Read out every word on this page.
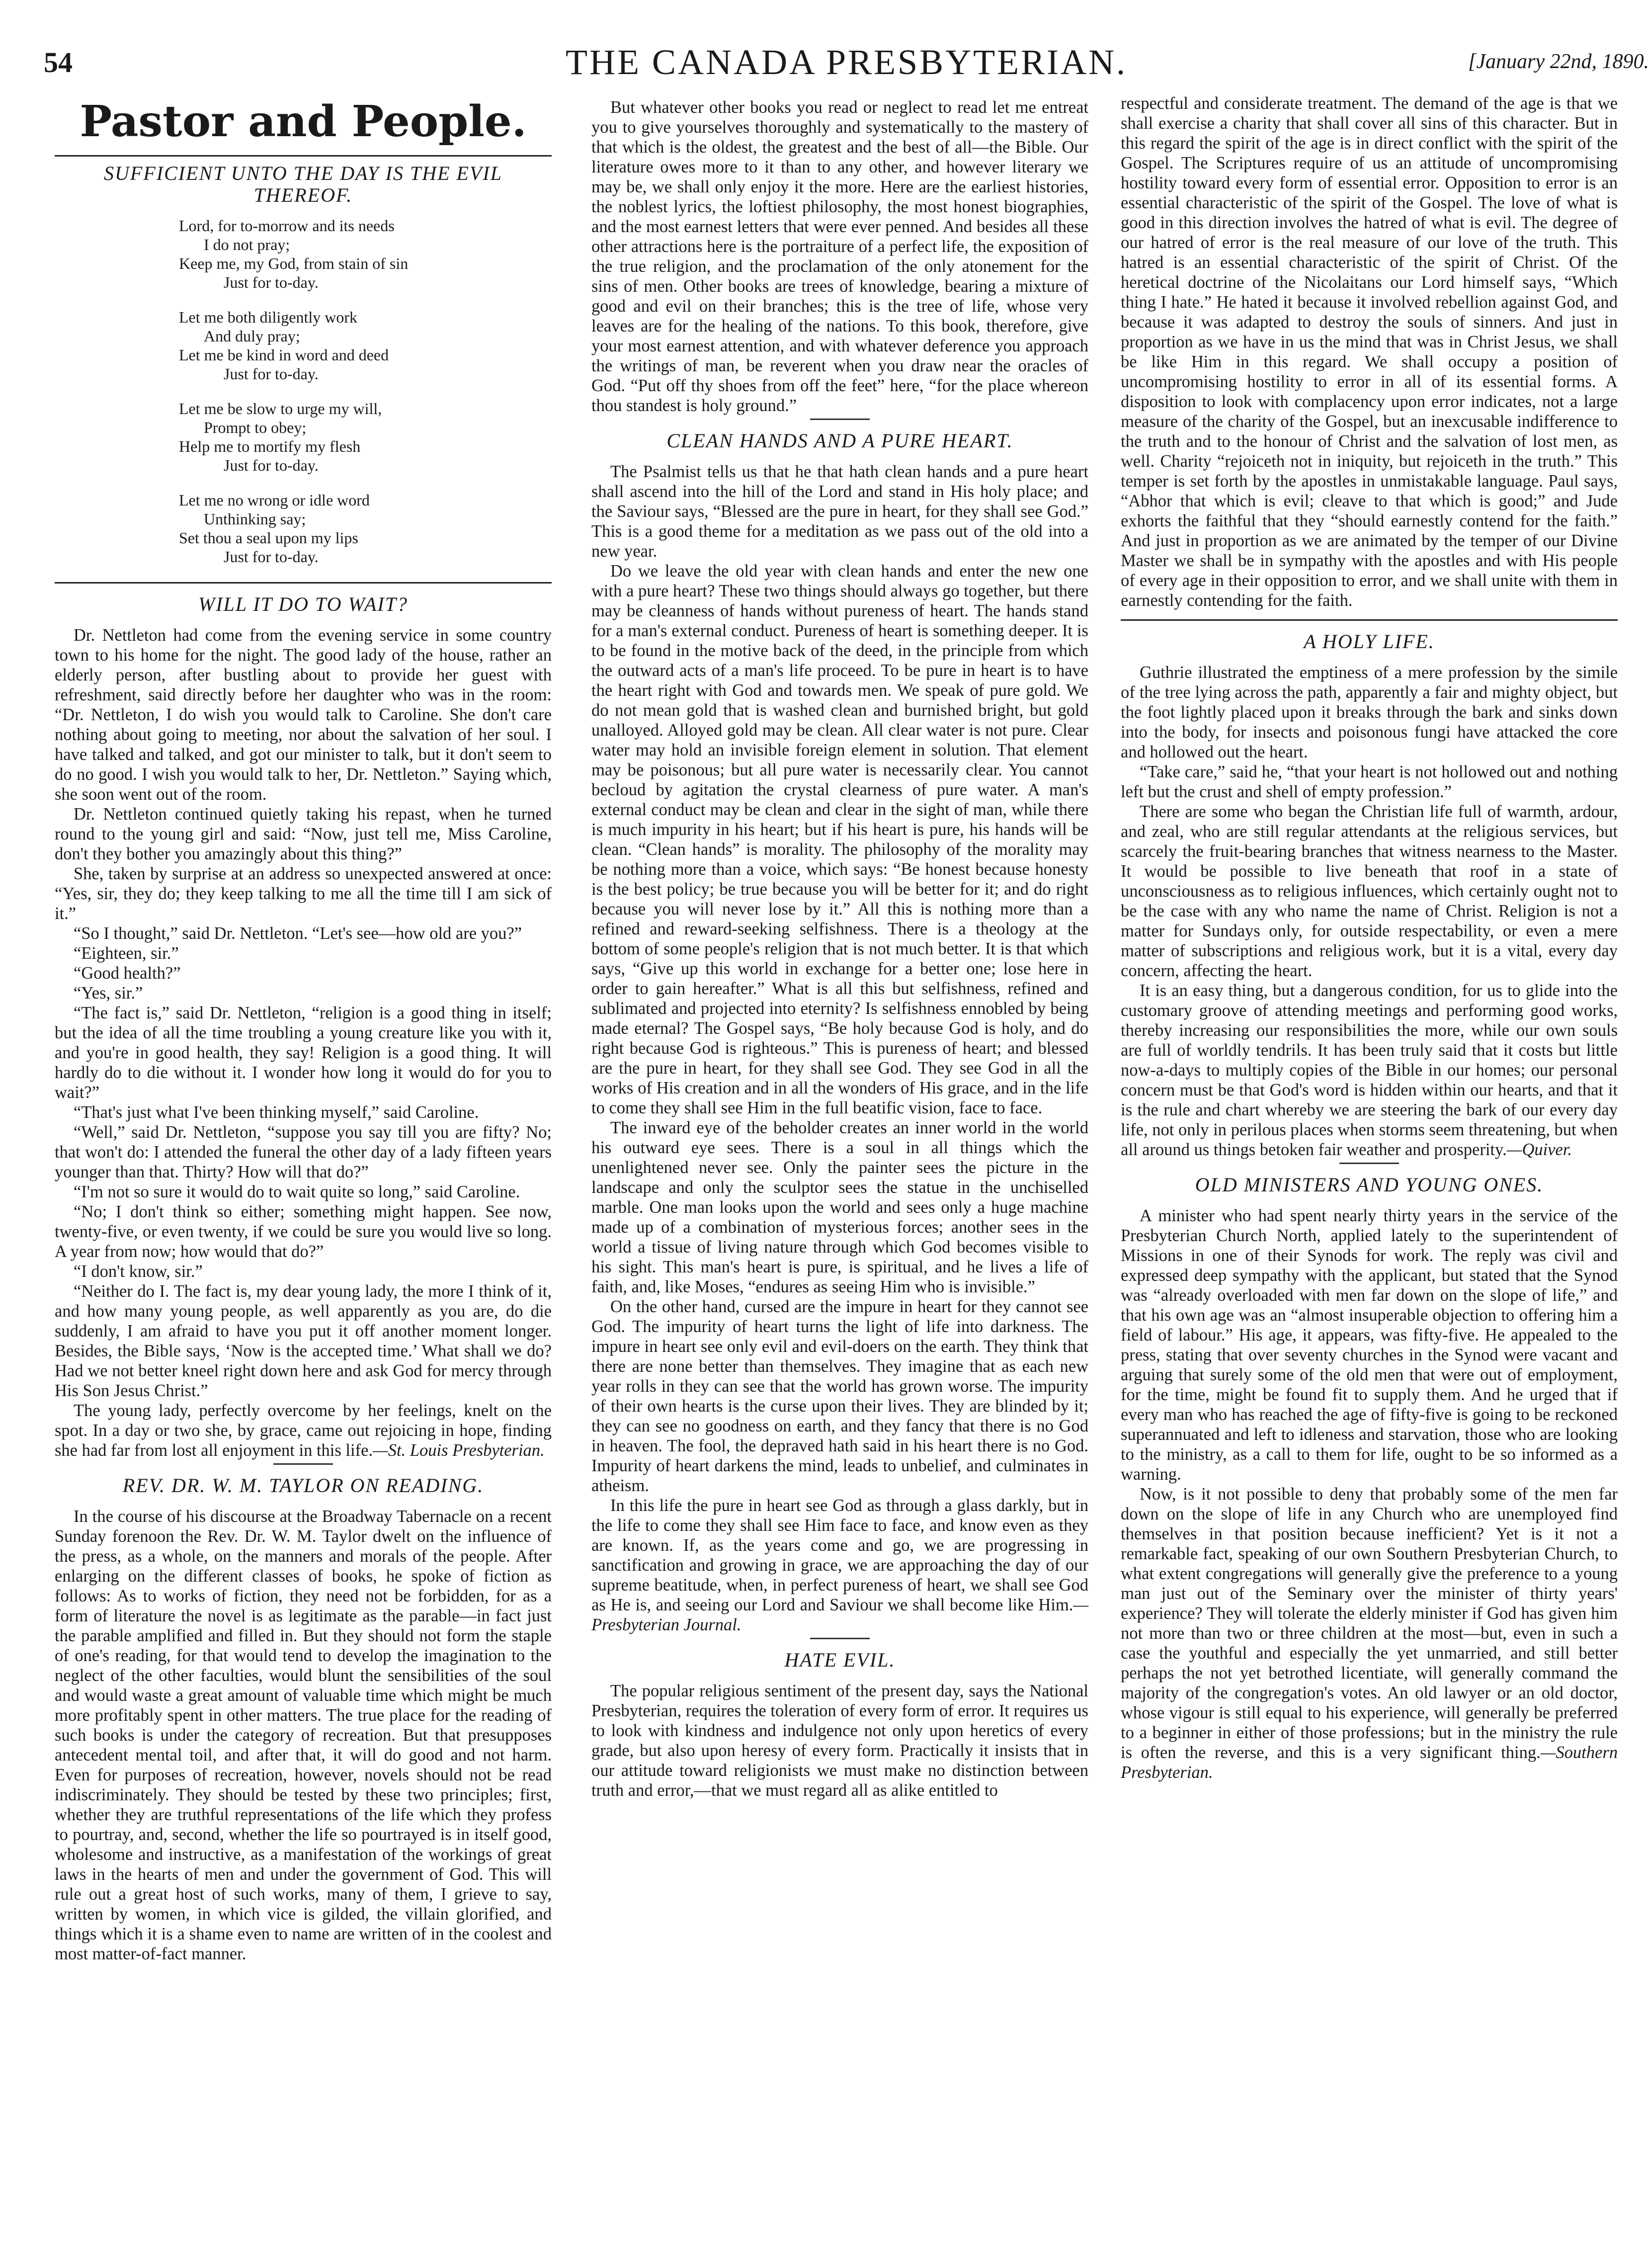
54	THE CANADA PRESBYTERIAN.	[January 22nd, 1890.
Pastor and People.
SUFFICIENT UNTO THE DAY IS THE EVIL THEREOF.
Lord, for to-morrow and its needs
I do not pray;
Keep me, my God, from stain of sin
Just for to-day.
Let me both diligently work
And duly pray;
Let me be kind in word and deed
Just for to-day.
Let me be slow to urge my will,
Prompt to obey;
Help me to mortify my flesh
Just for to-day.
Let me no wrong or idle word
Unthinking say;
Set thou a seal upon my lips
Just for to-day.
WILL IT DO TO WAIT?

Dr. Nettleton had come from the evening service in some country town to his home for the night. The good lady of the house, rather an elderly person, after bustling about to provide her guest with refreshment, said directly before her daughter who was in the room: “Dr. Nettleton, I do wish you would talk to Caroline. She don't care nothing about going to meeting, nor about the salvation of her soul. I have talked and talked, and got our minister to talk, but it don't seem to do no good. I wish you would talk to her, Dr. Nettleton.” Saying which, she soon went out of the room.

Dr. Nettleton continued quietly taking his repast, when he turned round to the young girl and said: “Now, just tell me, Miss Caroline, don't they bother you amazingly about this thing?”

She, taken by surprise at an address so unexpected answered at once: “Yes, sir, they do; they keep talking to me all the time till I am sick of it.”

“So I thought,” said Dr. Nettleton. “Let's see—how old are you?”

“Eighteen, sir.”

“Good health?”

“Yes, sir.”

“The fact is,” said Dr. Nettleton, “religion is a good thing in itself; but the idea of all the time troubling a young creature like you with it, and you're in good health, they say! Religion is a good thing. It will hardly do to die without it. I wonder how long it would do for you to wait?”

“That's just what I've been thinking myself,” said Caroline.

“Well,” said Dr. Nettleton, “suppose you say till you are fifty? No; that won't do: I attended the funeral the other day of a lady fifteen years younger than that. Thirty? How will that do?”

“I'm not so sure it would do to wait quite so long,” said Caroline.

“No; I don't think so either; something might happen. See now, twenty-five, or even twenty, if we could be sure you would live so long. A year from now; how would that do?”

“I don't know, sir.”

“Neither do I. The fact is, my dear young lady, the more I think of it, and how many young people, as well apparently as you are, do die suddenly, I am afraid to have you put it off another moment longer. Besides, the Bible says, ‘Now is the accepted time.’ What shall we do? Had we not better kneel right down here and ask God for mercy through His Son Jesus Christ.”

The young lady, perfectly overcome by her feelings, knelt on the spot. In a day or two she, by grace, came out rejoicing in hope, finding she had far from lost all enjoyment in this life.—St. Louis Presbyterian.

REV. DR. W. M. TAYLOR ON READING.

In the course of his discourse at the Broadway Tabernacle on a recent Sunday forenoon the Rev. Dr. W. M. Taylor dwelt on the influence of the press, as a whole, on the manners and morals of the people. After enlarging on the different classes of books, he spoke of fiction as follows: As to works of fiction, they need not be forbidden, for as a form of literature the novel is as legitimate as the parable—in fact just the parable amplified and filled in. But they should not form the staple of one's reading, for that would tend to develop the imagination to the neglect of the other faculties, would blunt the sensibilities of the soul and would waste a great amount of valuable time which might be much more profitably spent in other matters. The true place for the reading of such books is under the category of recreation. But that presupposes antecedent mental toil, and after that, it will do good and not harm. Even for purposes of recreation, however, novels should not be read indiscriminately. They should be tested by these two principles; first, whether they are truthful representations of the life which they profess to pourtray, and, second, whether the life so pourtrayed is in itself good, wholesome and instructive, as a manifestation of the workings of great laws in the hearts of men and under the government of God. This will rule out a great host of such works, many of them, I grieve to say, written by women, in which vice is gilded, the villain glorified, and things which it is a shame even to name are written of in the coolest and most matter-of-fact manner.

But whatever other books you read or neglect to read let me entreat you to give yourselves thoroughly and systematically to the mastery of that which is the oldest, the greatest and the best of all—the Bible. Our literature owes more to it than to any other, and however literary we may be, we shall only enjoy it the more. Here are the earliest histories, the noblest lyrics, the loftiest philosophy, the most honest biographies, and the most earnest letters that were ever penned. And besides all these other attractions here is the portraiture of a perfect life, the exposition of the true religion, and the proclamation of the only atonement for the sins of men. Other books are trees of knowledge, bearing a mixture of good and evil on their branches; this is the tree of life, whose very leaves are for the healing of the nations. To this book, therefore, give your most earnest attention, and with whatever deference you approach the writings of man, be reverent when you draw near the oracles of God. “Put off thy shoes from off the feet” here, “for the place whereon thou standest is holy ground.”

CLEAN HANDS AND A PURE HEART.

The Psalmist tells us that he that hath clean hands and a pure heart shall ascend into the hill of the Lord and stand in His holy place; and the Saviour says, “Blessed are the pure in heart, for they shall see God.” This is a good theme for a meditation as we pass out of the old into a new year.

Do we leave the old year with clean hands and enter the new one with a pure heart? These two things should always go together, but there may be cleanness of hands without pureness of heart. The hands stand for a man's external conduct. Pureness of heart is something deeper. It is to be found in the motive back of the deed, in the principle from which the outward acts of a man's life proceed. To be pure in heart is to have the heart right with God and towards men. We speak of pure gold. We do not mean gold that is washed clean and burnished bright, but gold unalloyed. Alloyed gold may be clean. All clear water is not pure. Clear water may hold an invisible foreign element in solution. That element may be poisonous; but all pure water is necessarily clear. You cannot becloud by agitation the crystal clearness of pure water. A man's external conduct may be clean and clear in the sight of man, while there is much impurity in his heart; but if his heart is pure, his hands will be clean. “Clean hands” is morality. The philosophy of the morality may be nothing more than a voice, which says: “Be honest because honesty is the best policy; be true because you will be better for it; and do right because you will never lose by it.” All this is nothing more than a refined and reward-seeking selfishness. There is a theology at the bottom of some people's religion that is not much better. It is that which says, “Give up this world in exchange for a better one; lose here in order to gain hereafter.” What is all this but selfishness, refined and sublimated and projected into eternity? Is selfishness ennobled by being made eternal? The Gospel says, “Be holy because God is holy, and do right because God is righteous.” This is pureness of heart; and blessed are the pure in heart, for they shall see God. They see God in all the works of His creation and in all the wonders of His grace, and in the life to come they shall see Him in the full beatific vision, face to face.

The inward eye of the beholder creates an inner world in the world his outward eye sees. There is a soul in all things which the unenlightened never see. Only the painter sees the picture in the landscape and only the sculptor sees the statue in the unchiselled marble. One man looks upon the world and sees only a huge machine made up of a combination of mysterious forces; another sees in the world a tissue of living nature through which God becomes visible to his sight. This man's heart is pure, is spiritual, and he lives a life of faith, and, like Moses, “endures as seeing Him who is invisible.”

On the other hand, cursed are the impure in heart for they cannot see God. The impurity of heart turns the light of life into darkness. The impure in heart see only evil and evil-doers on the earth. They think that there are none better than themselves. They imagine that as each new year rolls in they can see that the world has grown worse. The impurity of their own hearts is the curse upon their lives. They are blinded by it; they can see no goodness on earth, and they fancy that there is no God in heaven. The fool, the depraved hath said in his heart there is no God. Impurity of heart darkens the mind, leads to unbelief, and culminates in atheism.

In this life the pure in heart see God as through a glass darkly, but in the life to come they shall see Him face to face, and know even as they are known. If, as the years come and go, we are progressing in sanctification and growing in grace, we are approaching the day of our supreme beatitude, when, in perfect pureness of heart, we shall see God as He is, and seeing our Lord and Saviour we shall become like Him.—Presbyterian Journal.

HATE EVIL.

The popular religious sentiment of the present day, says the National Presbyterian, requires the toleration of every form of error. It requires us to look with kindness and indulgence not only upon heretics of every grade, but also upon heresy of every form. Practically it insists that in our attitude toward religionists we must make no distinction between truth and error,—that we must regard all as alike entitled to

respectful and considerate treatment. The demand of the age is that we shall exercise a charity that shall cover all sins of this character. But in this regard the spirit of the age is in direct conflict with the spirit of the Gospel. The Scriptures require of us an attitude of uncompromising hostility toward every form of essential error. Opposition to error is an essential characteristic of the spirit of the Gospel. The love of what is good in this direction involves the hatred of what is evil. The degree of our hatred of error is the real measure of our love of the truth. This hatred is an essential characteristic of the spirit of Christ. Of the heretical doctrine of the Nicolaitans our Lord himself says, “Which thing I hate.” He hated it because it involved rebellion against God, and because it was adapted to destroy the souls of sinners. And just in proportion as we have in us the mind that was in Christ Jesus, we shall be like Him in this regard. We shall occupy a position of uncompromising hostility to error in all of its essential forms. A disposition to look with complacency upon error indicates, not a large measure of the charity of the Gospel, but an inexcusable indifference to the truth and to the honour of Christ and the salvation of lost men, as well. Charity “rejoiceth not in iniquity, but rejoiceth in the truth.” This temper is set forth by the apostles in unmistakable language. Paul says, “Abhor that which is evil; cleave to that which is good;” and Jude exhorts the faithful that they “should earnestly contend for the faith.” And just in proportion as we are animated by the temper of our Divine Master we shall be in sympathy with the apostles and with His people of every age in their opposition to error, and we shall unite with them in earnestly contending for the faith.

A HOLY LIFE.

Guthrie illustrated the emptiness of a mere profession by the simile of the tree lying across the path, apparently a fair and mighty object, but the foot lightly placed upon it breaks through the bark and sinks down into the body, for insects and poisonous fungi have attacked the core and hollowed out the heart.

“Take care,” said he, “that your heart is not hollowed out and nothing left but the crust and shell of empty profession.”

There are some who began the Christian life full of warmth, ardour, and zeal, who are still regular attendants at the religious services, but scarcely the fruit-bearing branches that witness nearness to the Master. It would be possible to live beneath that roof in a state of unconsciousness as to religious influences, which certainly ought not to be the case with any who name the name of Christ. Religion is not a matter for Sundays only, for outside respectability, or even a mere matter of subscriptions and religious work, but it is a vital, every day concern, affecting the heart.

It is an easy thing, but a dangerous condition, for us to glide into the customary groove of attending meetings and performing good works, thereby increasing our responsibilities the more, while our own souls are full of worldly tendrils. It has been truly said that it costs but little now-a-days to multiply copies of the Bible in our homes; our personal concern must be that God's word is hidden within our hearts, and that it is the rule and chart whereby we are steering the bark of our every day life, not only in perilous places when storms seem threatening, but when all around us things betoken fair weather and prosperity.—Quiver.

OLD MINISTERS AND YOUNG ONES.

A minister who had spent nearly thirty years in the service of the Presbyterian Church North, applied lately to the superintendent of Missions in one of their Synods for work. The reply was civil and expressed deep sympathy with the applicant, but stated that the Synod was “already overloaded with men far down on the slope of life,” and that his own age was an “almost insuperable objection to offering him a field of labour.” His age, it appears, was fifty-five. He appealed to the press, stating that over seventy churches in the Synod were vacant and arguing that surely some of the old men that were out of employment, for the time, might be found fit to supply them. And he urged that if every man who has reached the age of fifty-five is going to be reckoned superannuated and left to idleness and starvation, those who are looking to the ministry, as a call to them for life, ought to be so informed as a warning.

Now, is it not possible to deny that probably some of the men far down on the slope of life in any Church who are unemployed find themselves in that position because inefficient? Yet is it not a remarkable fact, speaking of our own Southern Presbyterian Church, to what extent congregations will generally give the preference to a young man just out of the Seminary over the minister of thirty years' experience? They will tolerate the elderly minister if God has given him not more than two or three children at the most—but, even in such a case the youthful and especially the yet unmarried, and still better perhaps the not yet betrothed licentiate, will generally command the majority of the congregation's votes. An old lawyer or an old doctor, whose vigour is still equal to his experience, will generally be preferred to a beginner in either of those professions; but in the ministry the rule is often the reverse, and this is a very significant thing.—Southern Presbyterian.
